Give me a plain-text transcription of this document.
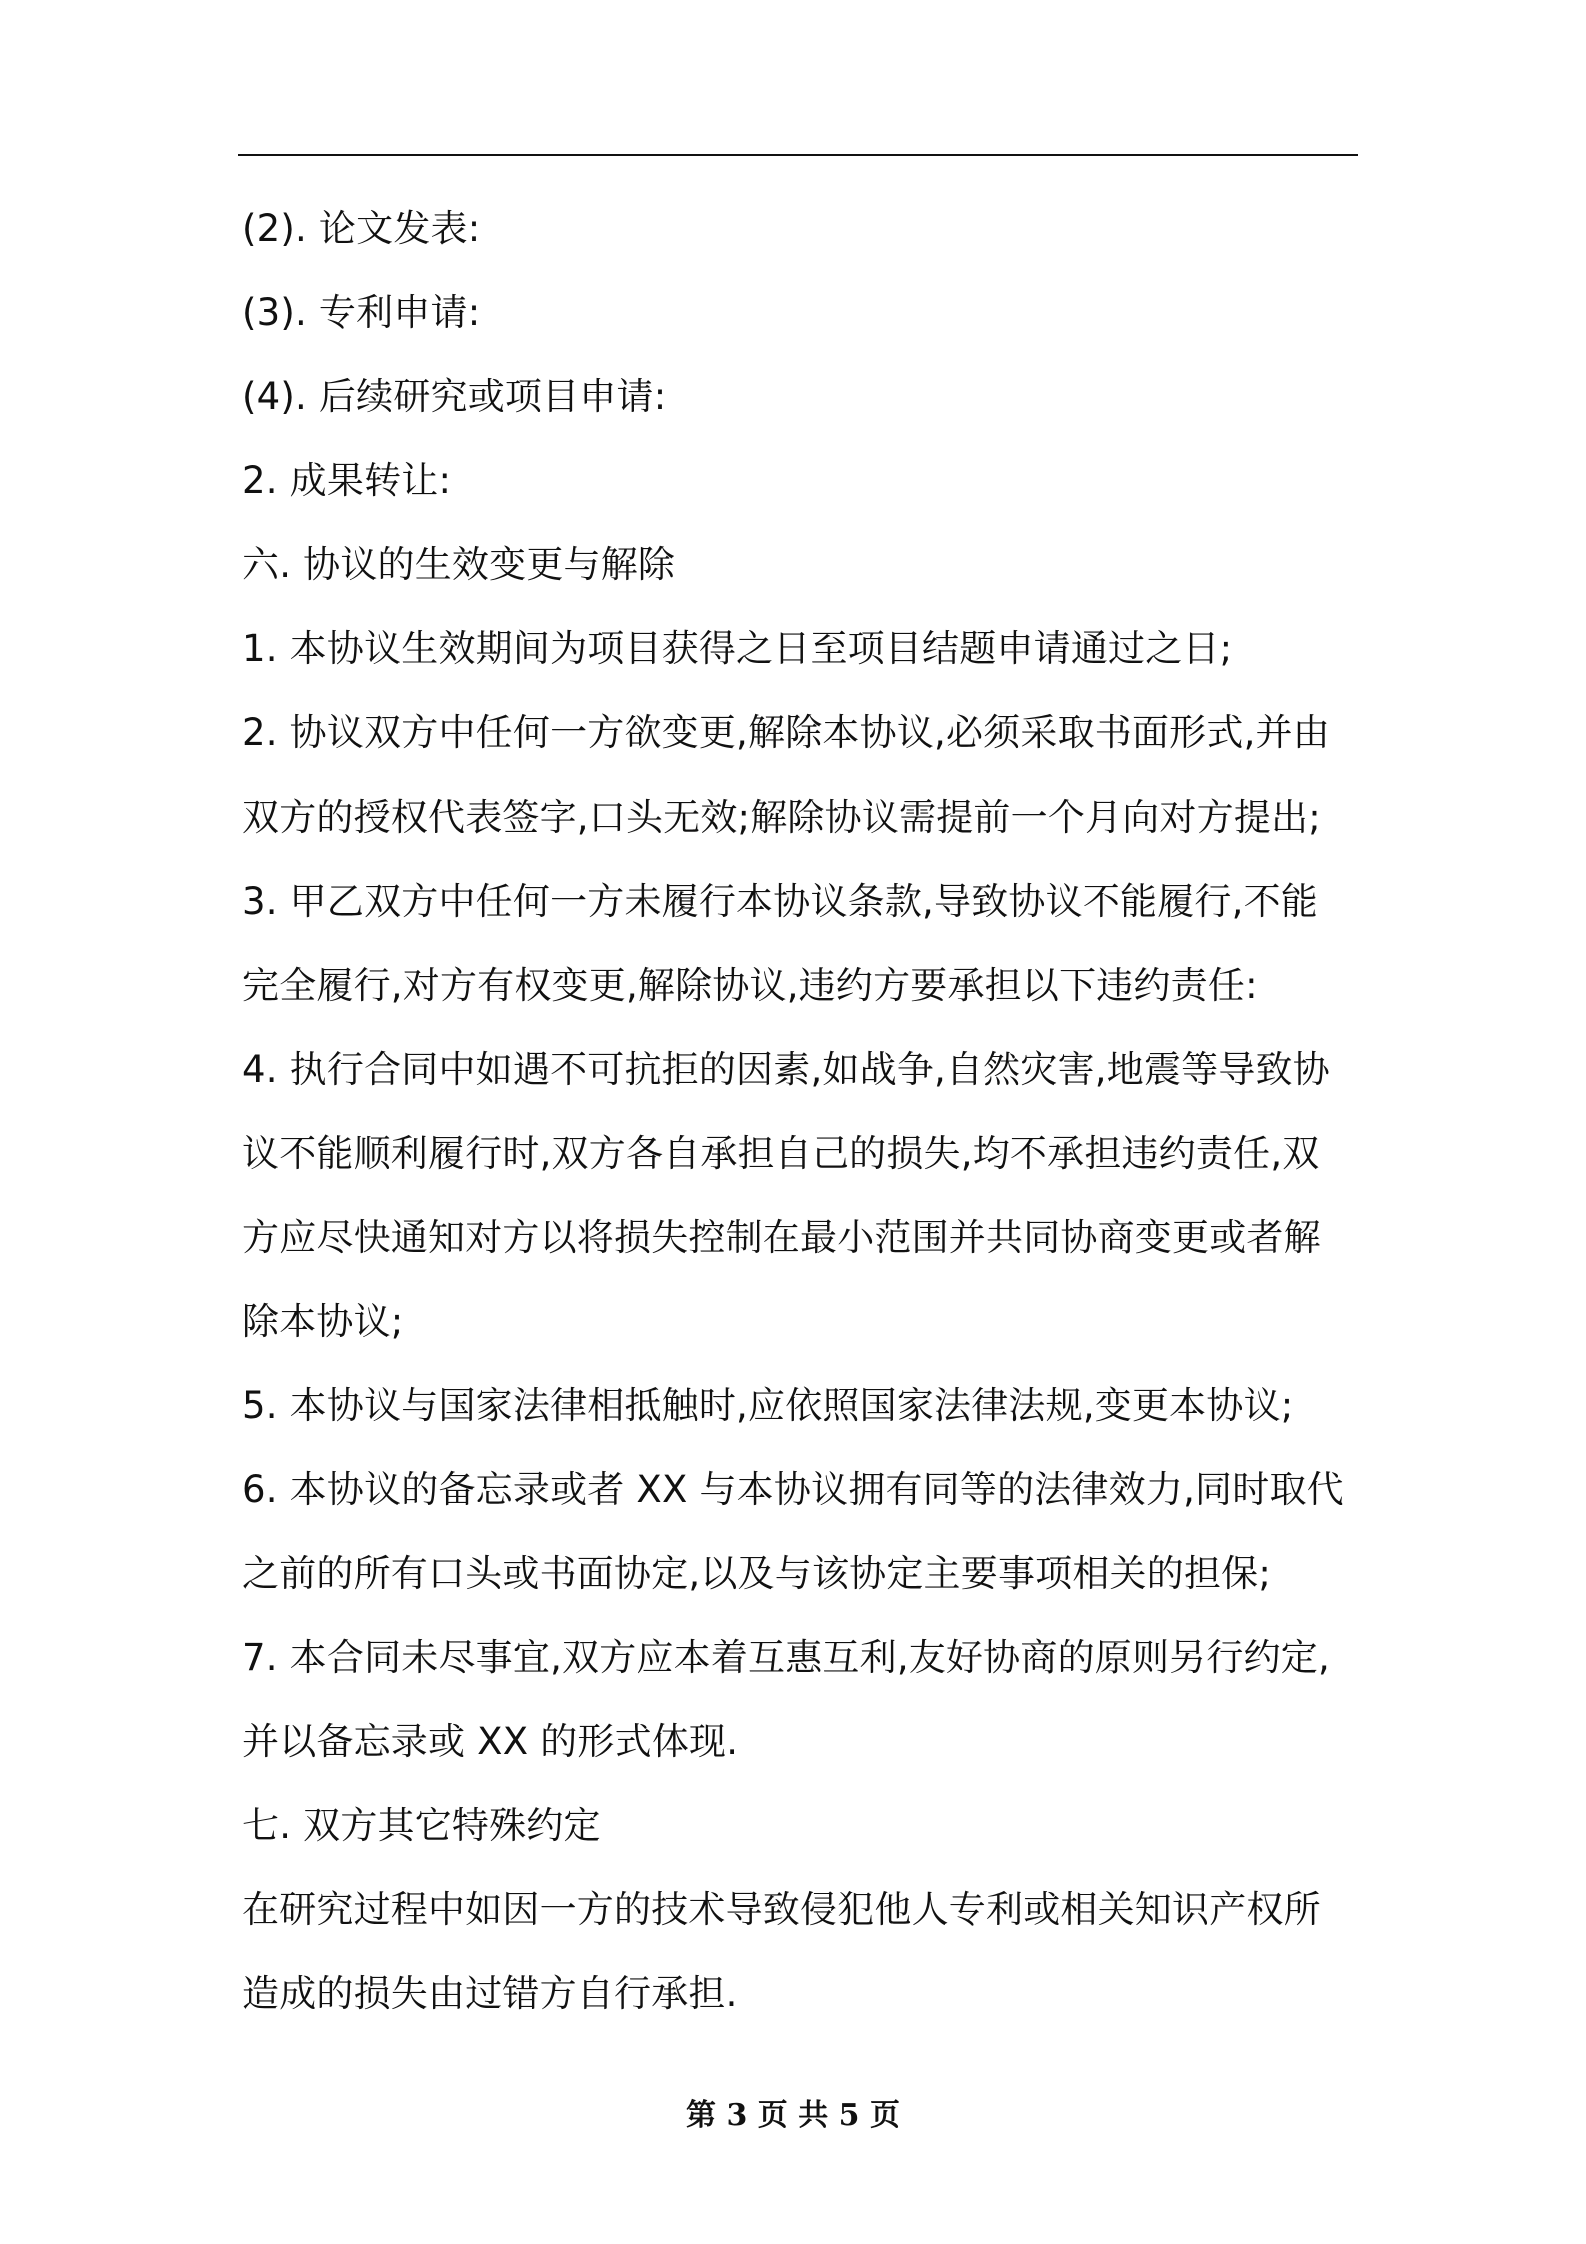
(2). 论文发表:
(3). 专利申请:
(4). 后续研究或项目申请:
2. 成果转让:
六. 协议的生效变更与解除
1. 本协议生效期间为项目获得之日至项目结题申请通过之日;
2. 协议双方中任何一方欲变更,解除本协议,必须采取书面形式,并由
双方的授权代表签字,口头无效;解除协议需提前一个月向对方提出;
3. 甲乙双方中任何一方未履行本协议条款,导致协议不能履行,不能
完全履行,对方有权变更,解除协议,违约方要承担以下违约责任:
4. 执行合同中如遇不可抗拒的因素,如战争,自然灾害,地震等导致协
议不能顺利履行时,双方各自承担自己的损失,均不承担违约责任,双
方应尽快通知对方以将损失控制在最小范围并共同协商变更或者解
除本协议;
5. 本协议与国家法律相抵触时,应依照国家法律法规,变更本协议;
6. 本协议的备忘录或者 XX 与本协议拥有同等的法律效力,同时取代
之前的所有口头或书面协定,以及与该协定主要事项相关的担保;
7. 本合同未尽事宜,双方应本着互惠互利,友好协商的原则另行约定,
并以备忘录或 XX 的形式体现.
七. 双方其它特殊约定
在研究过程中如因一方的技术导致侵犯他人专利或相关知识产权所
造成的损失由过错方自行承担.
第 3 页 共 5 页
